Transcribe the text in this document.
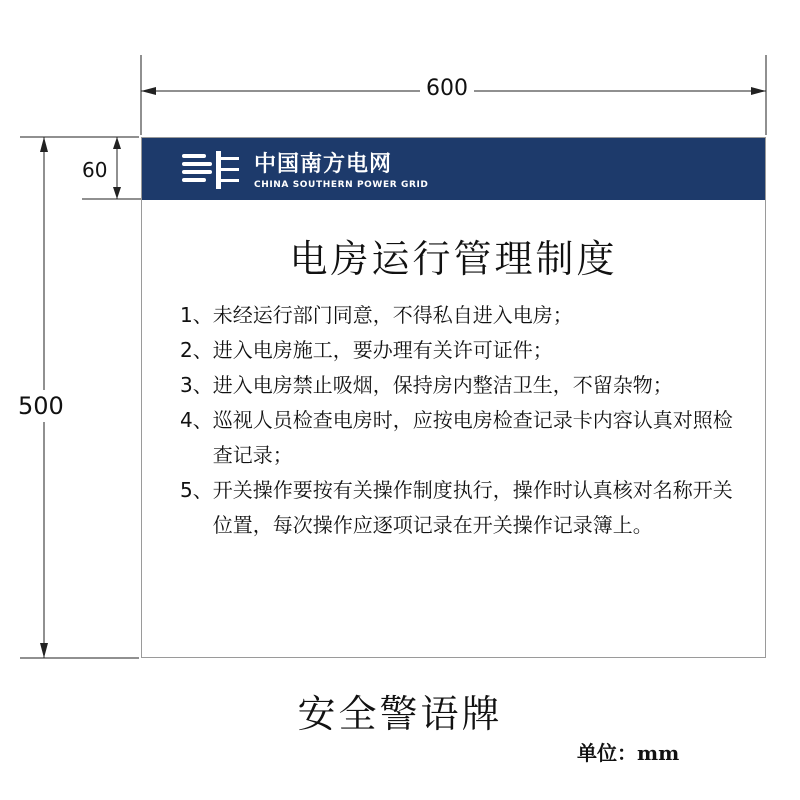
600
500
60	中国南方电网
CHINA SOUTHERN POWER GRID
电房运行管理制度
1、 未经运行部门同意，不得私自进入电房；
2、 进入电房施工，要办理有关许可证件；
3、 进入电房禁止吸烟，保持房内整洁卫生，不留杂物；
4、 巡视人员检查电房时，应按电房检查记录卡内容认真对照检查记录；
5、 开关操作要按有关操作制度执行，操作时认真核对名称开关位置，每次操作应逐项记录在开关操作记录簿上。
安全警语牌
单位：mm
